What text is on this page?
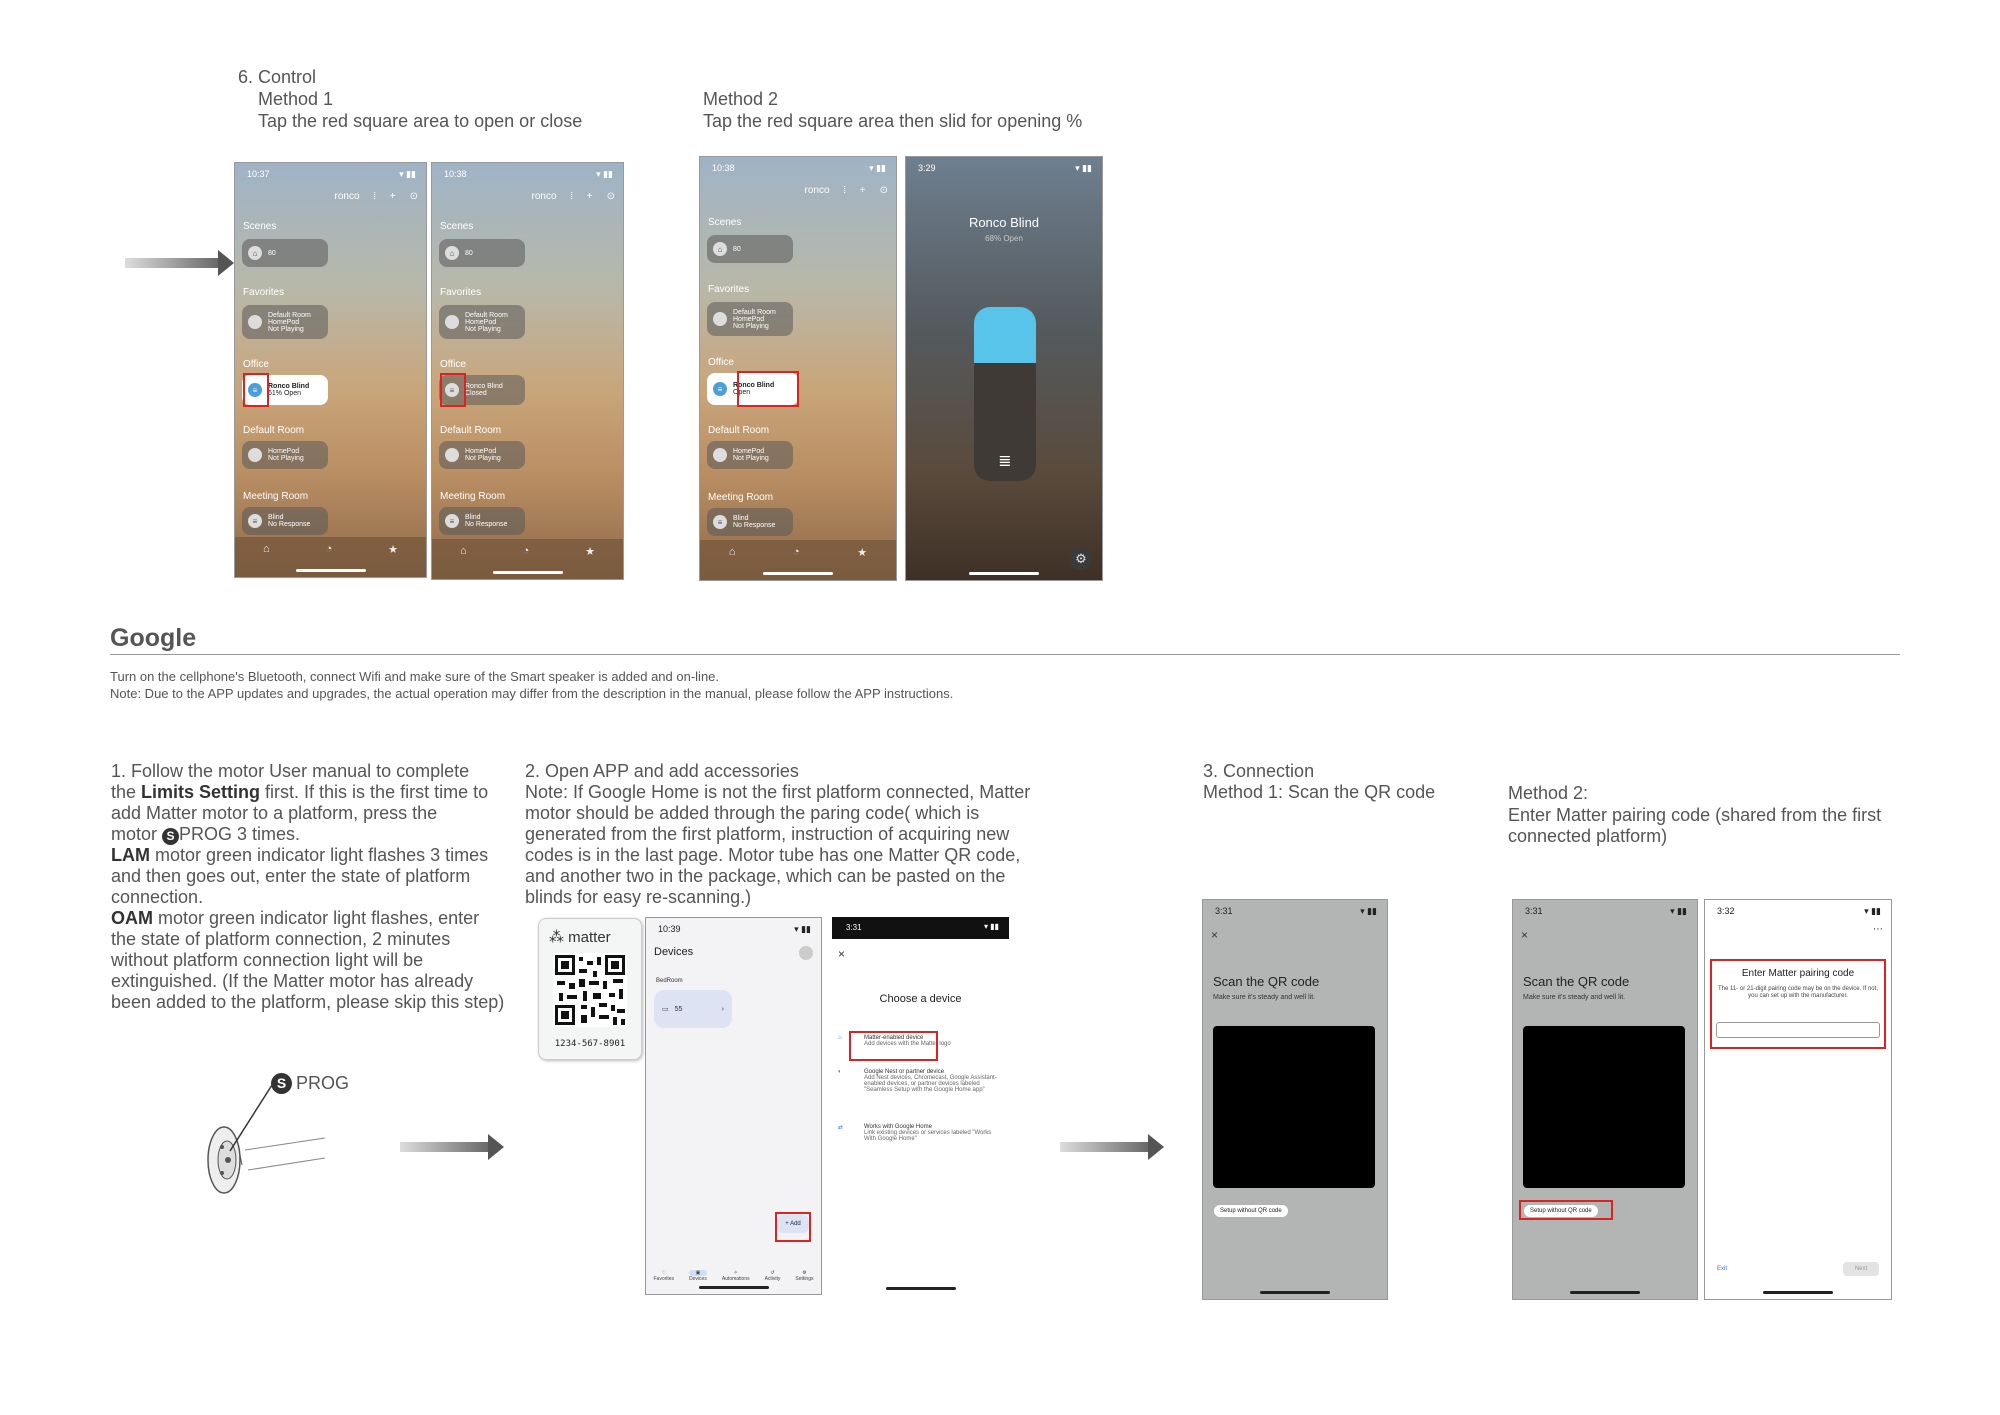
6. Control
Method 1
Tap the red square area to open or close
Method 2
Tap the red square area then slid for opening %
10:37	▾ ▮▮
ronco ⦙ + ⊙
Scenes
⌂	80
Favorites
Default Room
HomePod
Not Playing
Office
≡	Ronco Blind
61% Open
Default Room
HomePod
Not Playing
Meeting Room
≡	Blind
No Response
⌂	◔	★
10:38	▾ ▮▮
ronco ⦙ + ⊙
Scenes
⌂	80
Favorites
Default Room
HomePod
Not Playing
Office
≡	Ronco Blind
Closed
Default Room
HomePod
Not Playing
Meeting Room
≡	Blind
No Response
⌂	◔	★
10:38	▾ ▮▮
ronco ⦙ + ⊙
Scenes
⌂	80
Favorites
Default Room
HomePod
Not Playing
Office
≡	Ronco Blind
Open
Default Room
HomePod
Not Playing
Meeting Room
≡	Blind
No Response
⌂	◔	★
3:29	▾ ▮▮
Ronco Blind
68% Open
≣
⚙
Google
Turn on the cellphone's Bluetooth, connect Wifi and make sure of the Smart speaker is added and on-line.
Note: Due to the APP updates and upgrades, the actual operation may differ from the description in the manual, please follow the APP instructions.
1. Follow the motor User manual to complete
the Limits Setting first. If this is the first time to
add Matter motor to a platform, press the
motor S PROG 3 times.
LAM motor green indicator light flashes 3 times
and then goes out, enter the state of platform
connection.
OAM motor green indicator light flashes, enter
the state of platform connection, 2 minutes
without platform connection light will be
extinguished. (If the Matter motor has already
been added to the platform, please skip this step)
S PROG
2. Open APP and add accessories
Note: If Google Home is not the first platform connected, Matter
motor should be added through the paring code( which is
generated from the first platform, instruction of acquiring new
codes is in the last page. Motor tube has one Matter QR code,
and another two in the package, which can be pasted on the
blinds for easy re-scanning.)
⁂ matter
1234-567-8901
10:39	▾ ▮▮
Devices
BedRoom
▭ 55	›
+ Add
♡
Favorites
▣
Devices
✧
Automations
↺
Activity
⚙
Settings
3:31	▾ ▮▮
×
Choose a device
⌂	Matter-enabled device
Add devices with the Matter logo
◐	Google Nest or partner device
Add Nest devices, Chromecast, Google Assistant-enabled devices, or partner devices labeled "Seamless Setup with the Google Home app"
⇄	Works with Google Home
Link existing devices or services labeled "Works With Google Home"
3. Connection
Method 1: Scan the QR code	Method 2:
Enter Matter pairing code (shared from the first
connected platform)
3:31	▾ ▮▮
×
Scan the QR code
Make sure it's steady and well lit.
Setup without QR code
3:31	▾ ▮▮
×
Scan the QR code
Make sure it's steady and well lit.
Setup without QR code
3:32	▾ ▮▮
⋯
Enter Matter pairing code
The 11- or 21-digit pairing code may be on the device. If not, you can set up with the manufacturer.
Exit	Next
